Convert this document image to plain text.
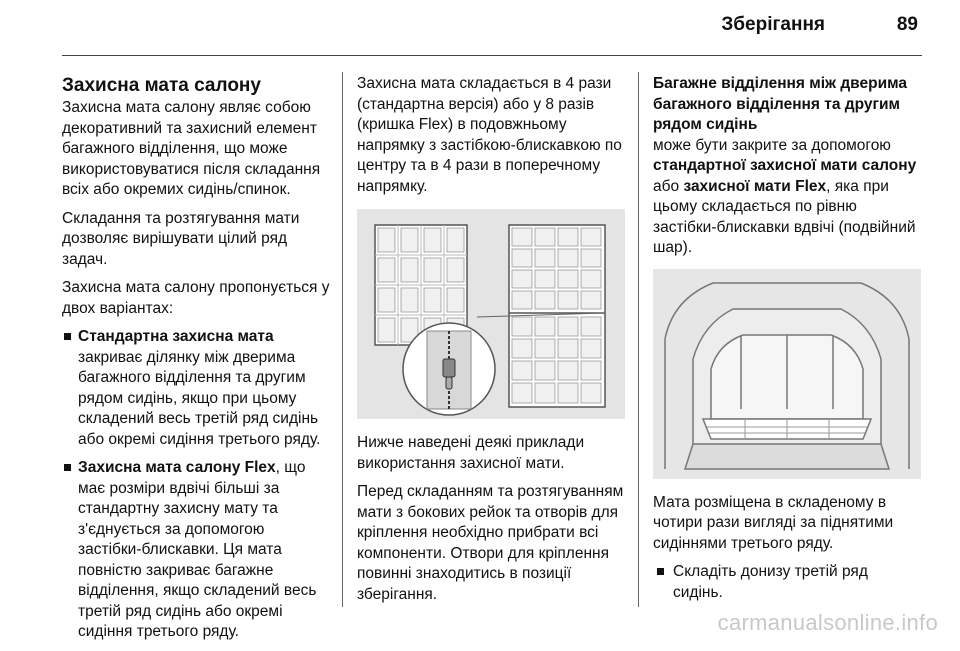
Зберігання	89
Захисна мата салону

Захисна мата салону являє собою декоративний та захисний елемент багажного відділення, що може використовуватися після складання всіх або окремих сидінь/спинок.

Складання та розтягування мати дозволяє вирішувати цілий ряд задач.

Захисна мата салону пропонується у двох варіантах:

Стандартна захисна мата
закриває ділянку між дверима багажного відділення та другим рядом сидінь, якщо при цьому складений весь третій ряд сидінь або окремі сидіння третього ряду.
Захисна мата салону Flex, що має розміри вдвічі більші за стандартну захисну мату та з'єднується за допомогою застібки-блискавки. Ця мата повністю закриває багажне відділення, якщо складений весь третій ряд сидінь або окремі сидіння третього ряду.

Захисна мата складається в 4 рази (стандартна версія) або у 8 разів (кришка Flex) в подовжньому напрямку з застібкою-блискавкою по центру та в 4 рази в поперечному напрямку.

Нижче наведені деякі приклади використання захисної мати.

Перед складанням та розтягуванням мати з бокових рейок та отворів для кріплення необхідно прибрати всі компоненти. Отвори для кріплення повинні знаходитись в позиції зберігання.

Багажне відділення між дверима багажного відділення та другим рядом сидінь

може бути закрите за допомогою стандартної захисної мати салону або захисної мати Flex, яка при цьому складається по рівню застібки-блискавки вдвічі (подвійний шар).

Мата розміщена в складеному в чотири рази вигляді за піднятими сидіннями третього ряду.

Складіть донизу третій ряд сидінь.
carmanualsonline.info
